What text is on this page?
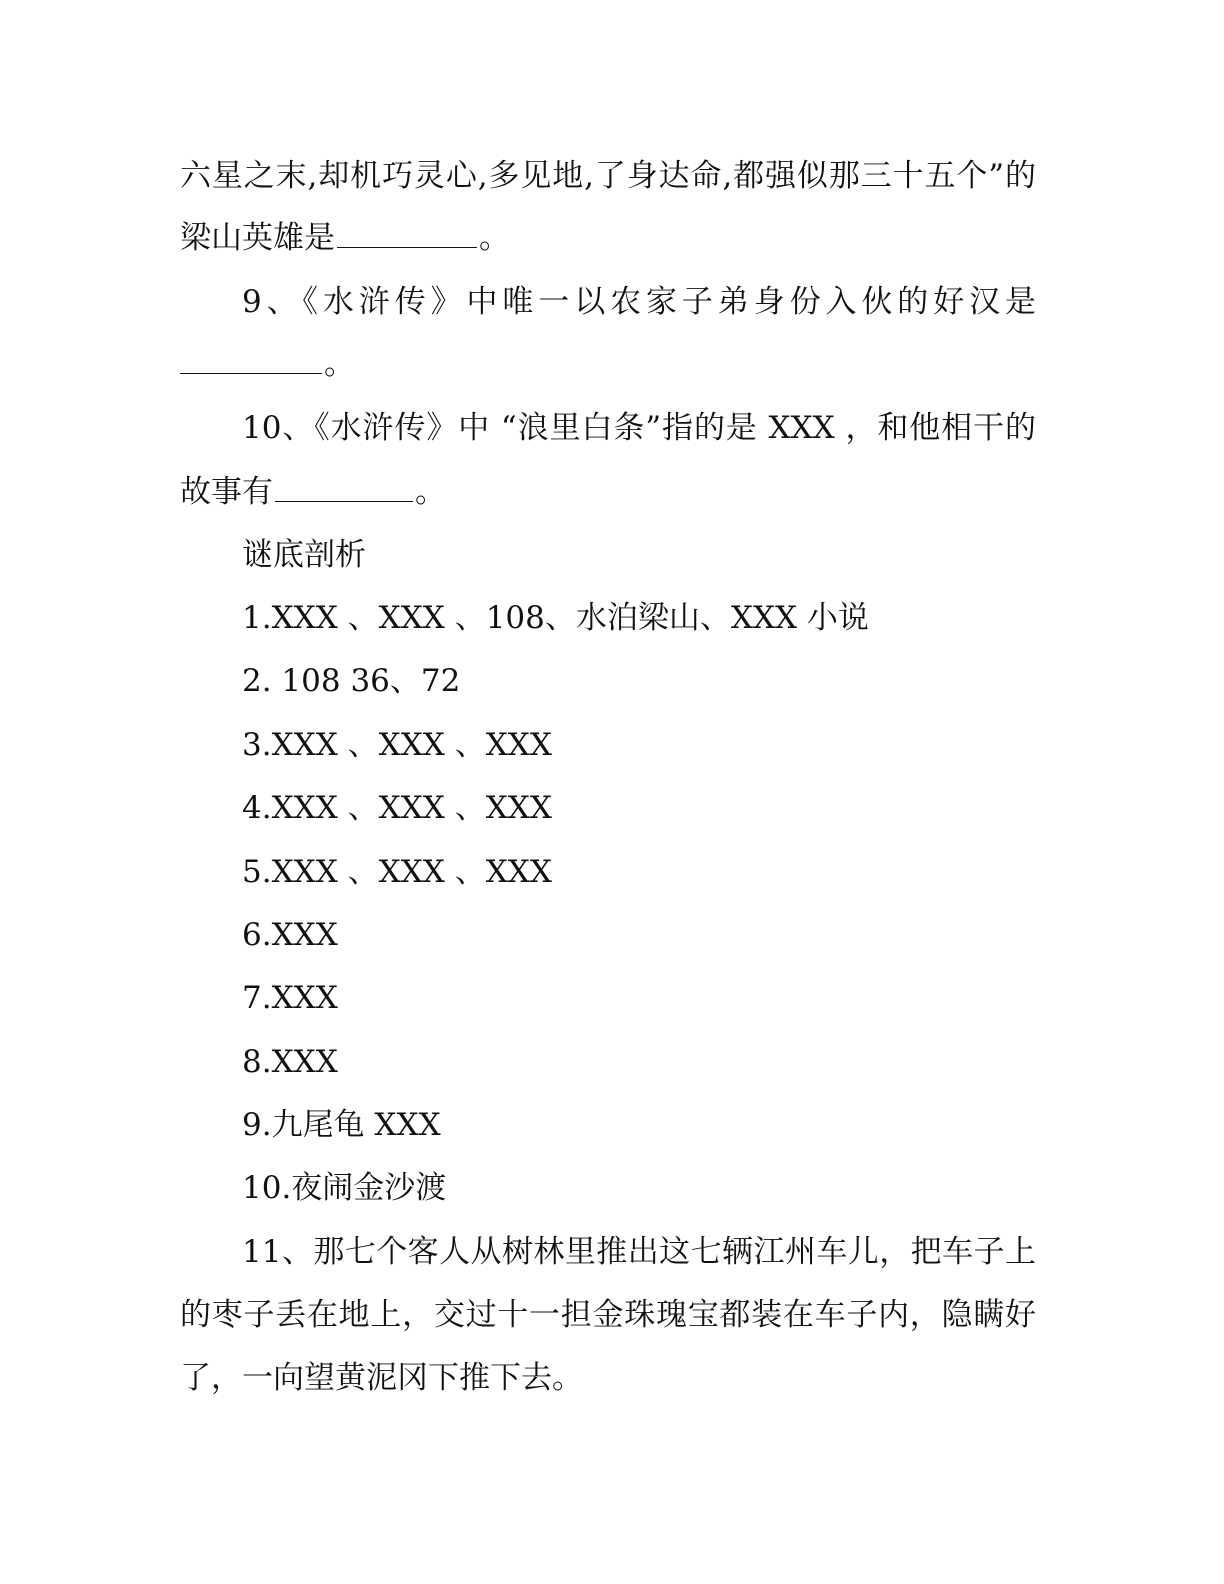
六星之末,却机巧灵心,多见地,了身达命,都强似那三十五个”的
梁山英雄是	。
9、《水浒传》中唯一以农家子弟身份入伙的好汉是
。
10、《水浒传》中 “浪里白条”指的是 XXX ，和他相干的
故事有	。
谜底剖析
1.XXX 、XXX 、108、水泊梁山、XXX 小说
2. 108 36、72
3.XXX 、XXX 、XXX
4.XXX 、XXX 、XXX
5.XXX 、XXX 、XXX
6.XXX
7.XXX
8.XXX
9.九尾龟 XXX
10.夜闹金沙渡
11、那七个客人从树林里推出这七辆江州车儿，把车子上
的枣子丢在地上，交过十一担金珠瑰宝都装在车子内，隐瞒好
了，一向望黄泥冈下推下去。
